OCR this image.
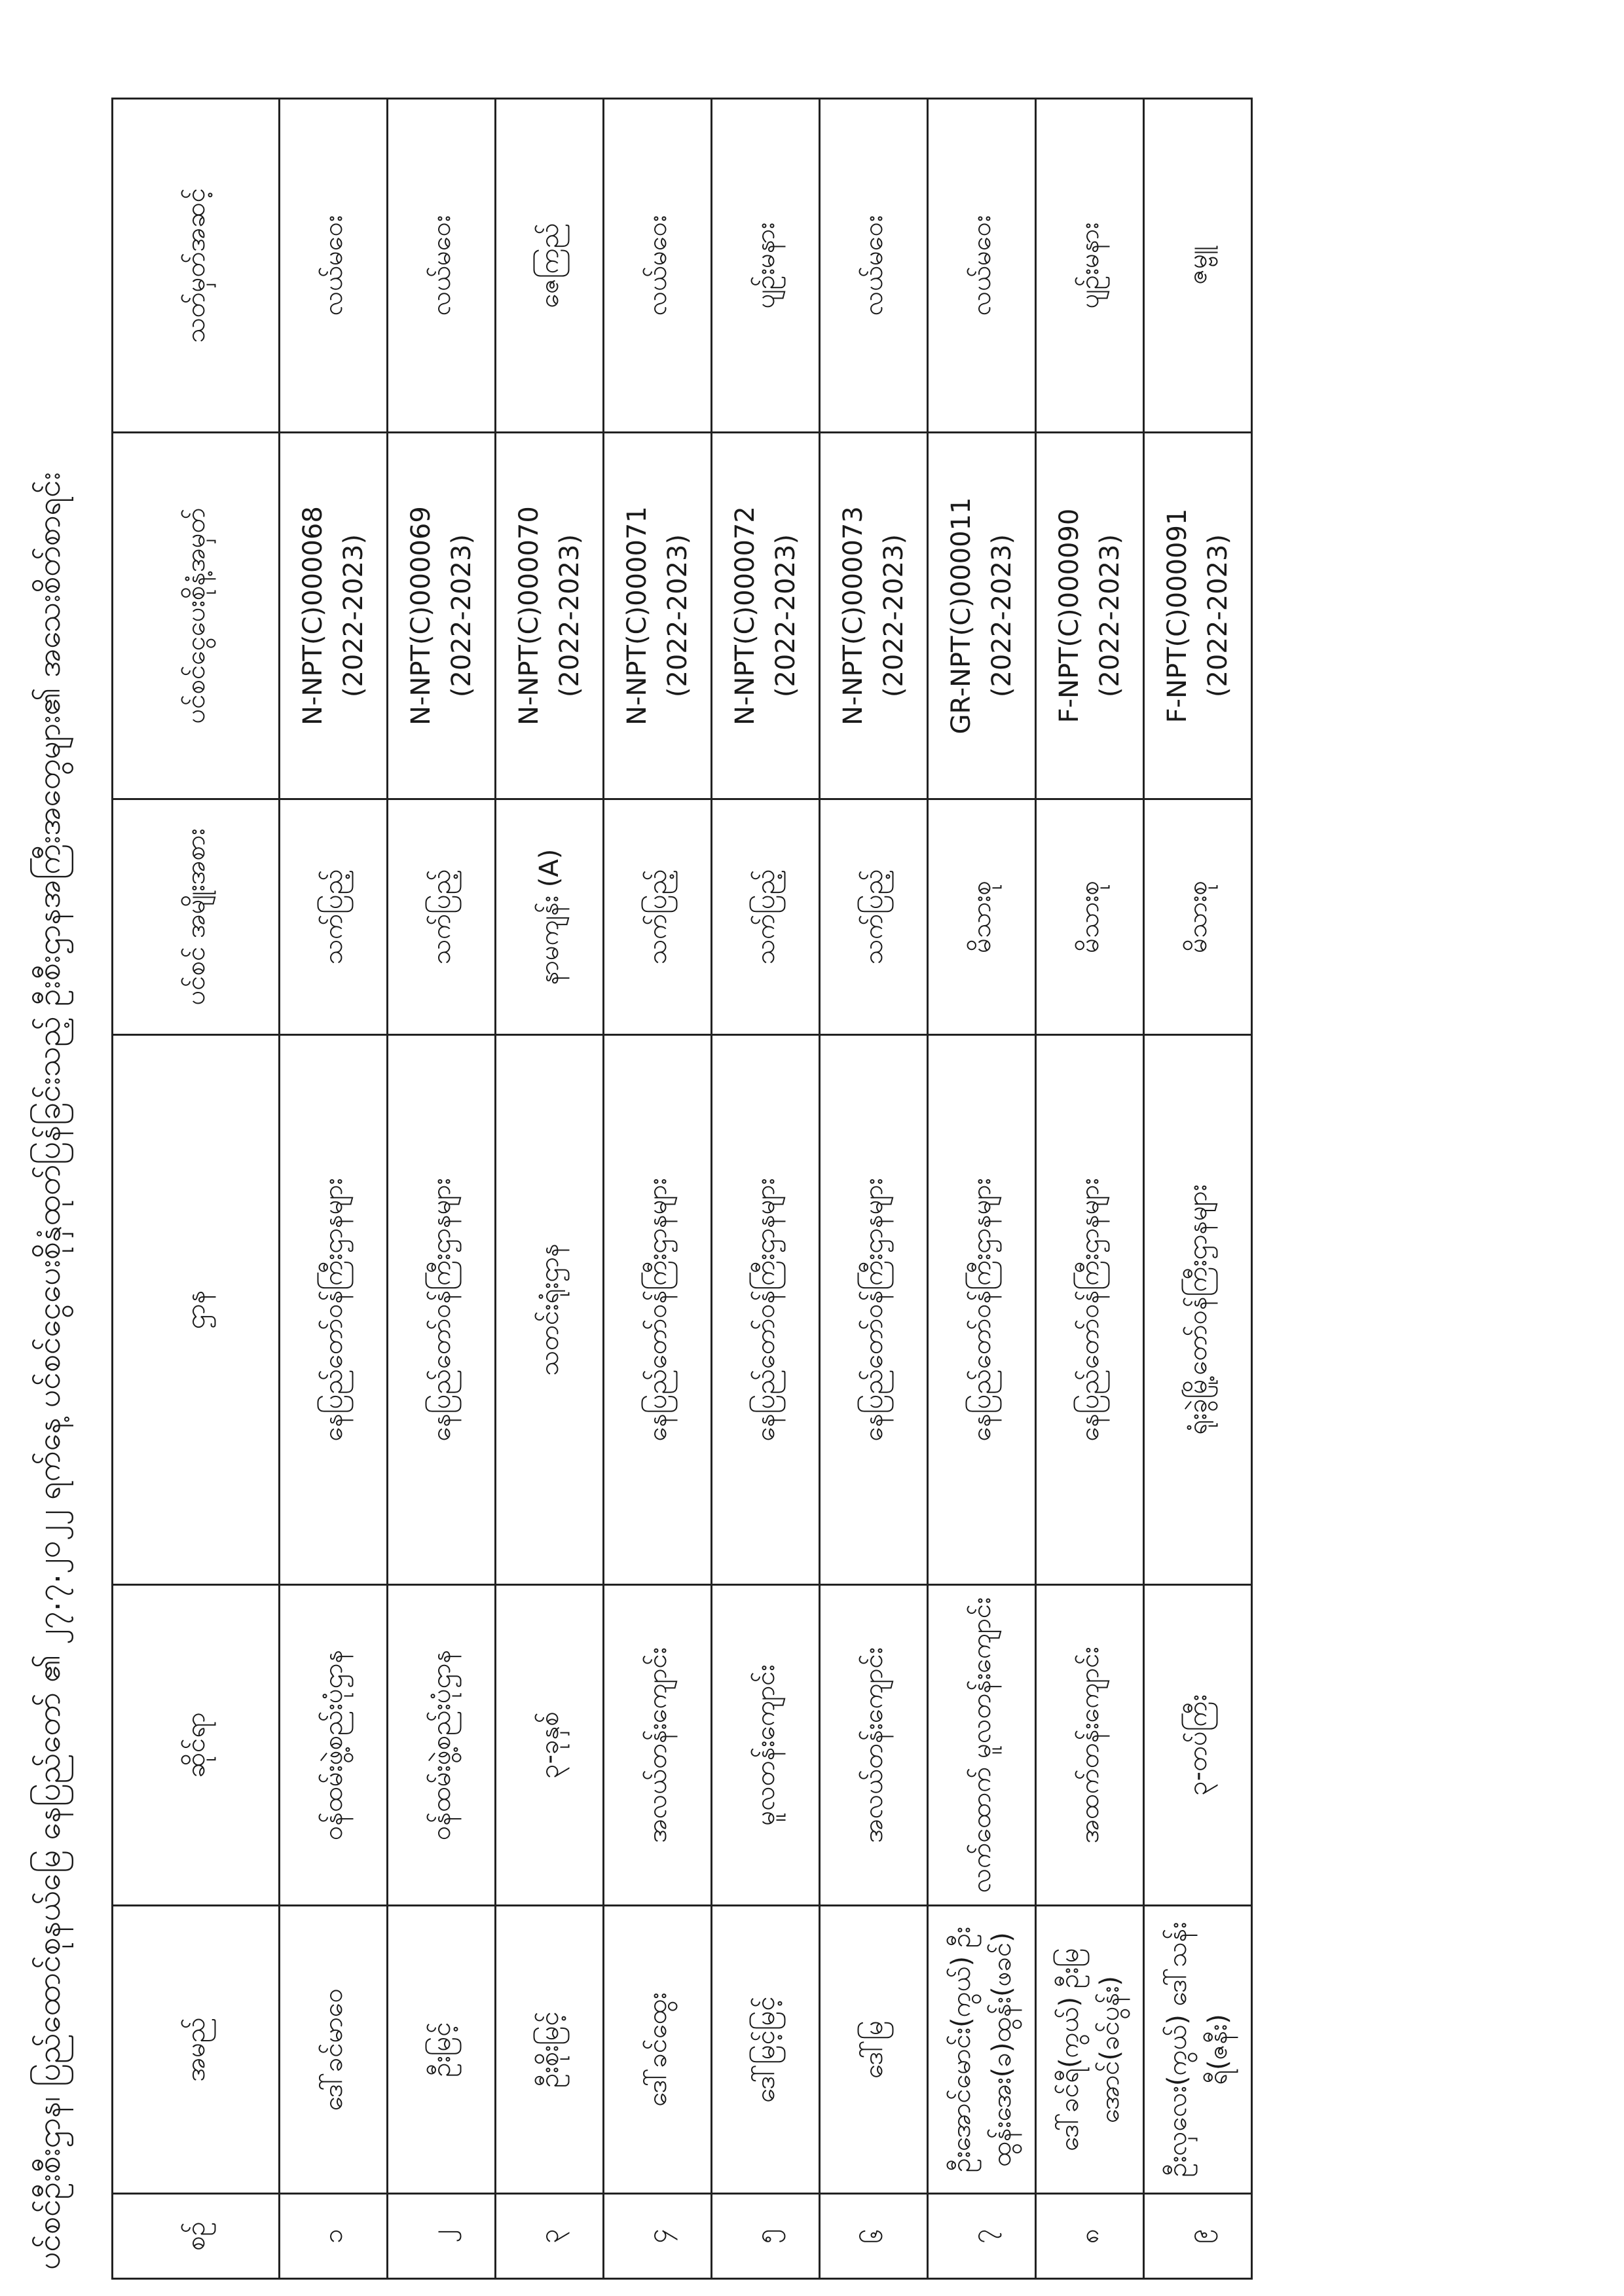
ပင်စင်ဦးစီးဌာန၊ ပြည်ထောင်စုနယ်မြေ နေပြည်တော် ၏ ၂၇.၇.၂၀၂၂ ရက်နေ့ ပင်စင်ငွေပေးစိုနှံထုတ်ပြန်ခြင်းသည့် ဦးစီးဌာနအကြီးအတွေများ၏ အသေးစိတ်စာရင်း	စဉ်	အမည်	ဆိုင်ရာ	ဌာန	ပင်စင် အမျိုးအစား	ပင်စင်ငွေပေးစိုနံ့အမှတ်	သတ်မှတ်အဆင့်
၁	ဒေါ်ခင်မာဝေ	ဝန်ထမ်းဖွဲ့စည်းပုံဌာန	နေပြည်တော်ဝန်ကြီးဌာနများ	သက်ပြည့်	N-NPT(C)000068 (2022-2023)	လယ်မဝေး
၂	ဦးမြင့်	ဝန်ထမ်းဖွဲ့စည်းပုံဌာန	နေပြည်တော်ဝန်ကြီးဌာနများ	သက်ပြည့်	N-NPT(C)000069 (2022-2023)	လယ်မဝေး
၃	ဦးစိုးမြင့်	၃-ခုနှစ်	သတင်းရုံးဌာန	နာမကျန်း (A)	N-NPT(C)000070 (2022-2023)	ဇေကြည်
၄	ဒေါ်ခင်ထွေး	အလယ်တန်းကျောင်း	နေပြည်တော်ဝန်ကြီးဌာနများ	သက်ပြည့်	N-NPT(C)000071 (2022-2023)	လယ်မဝေး
၅	ဒေါ်မြင့်မြင့်	မူလတန်းကျောင်း	နေပြည်တော်ဝန်ကြီးဌာနများ	သက်ပြည့်	N-NPT(C)000072 (2022-2023)	ပျဉ်းမနား
၆	ဒေါ်မြ	အလယ်တန်းကျောင်း	နေပြည်တော်ဝန်ကြီးဌာနများ	သက်ပြည့်	N-NPT(C)000073 (2022-2023)	လယ်မဝေး
၇	ဦးအောင်မောင်း(ကွယ်) ဦးထွန်းအေး(ခ)ထွန်း(ဖခင်)	လက်ထောက် မူလတန်းကျောင်း	နေပြည်တော်ဝန်ကြီးဌာနများ	မိသားစု	GR-NPT(C)000011 (2022-2023)	လယ်မဝေး
၈	ဒေါ်ခင်ရီ(ကွယ်) ဦးမြအောင်(ခင်ပွန်း)	အထက်တန်းကျောင်း	နေပြည်တော်ဝန်ကြီးဌာနများ	မိသားစု	F-NPT(C)000090 (2022-2023)	ပျဉ်းမနား
၉	ဦးလှလေး(ကွယ်) ဒေါ်သန်းရီ(ဇနီး)	၃-တပ်ကြီး	ရုံးခွဲမြို့တော်ဝန်ကြီးဌာနများ	မိသားစု	F-NPT(C)000091 (2022-2023)	ဇမ္ဗူ
